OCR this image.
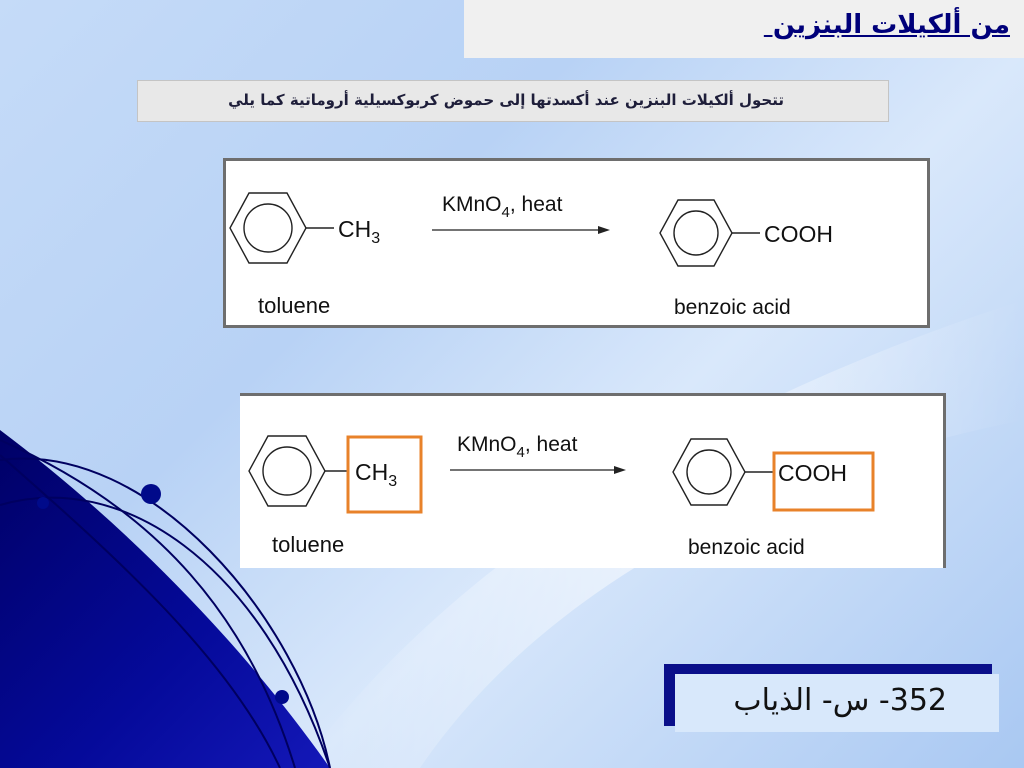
من ألكيلات البنزين
تتحول ألكيلات البنزين عند أكسدتها إلى حموض كربوكسيلية أروماتية كما يلي
$CH_3$
KMnO$_4$, heat
COOH
toluene	benzoic acid
$CH_3$
KMnO$_4$, heat
COOH
toluene	benzoic acid
352- س- الذياب
